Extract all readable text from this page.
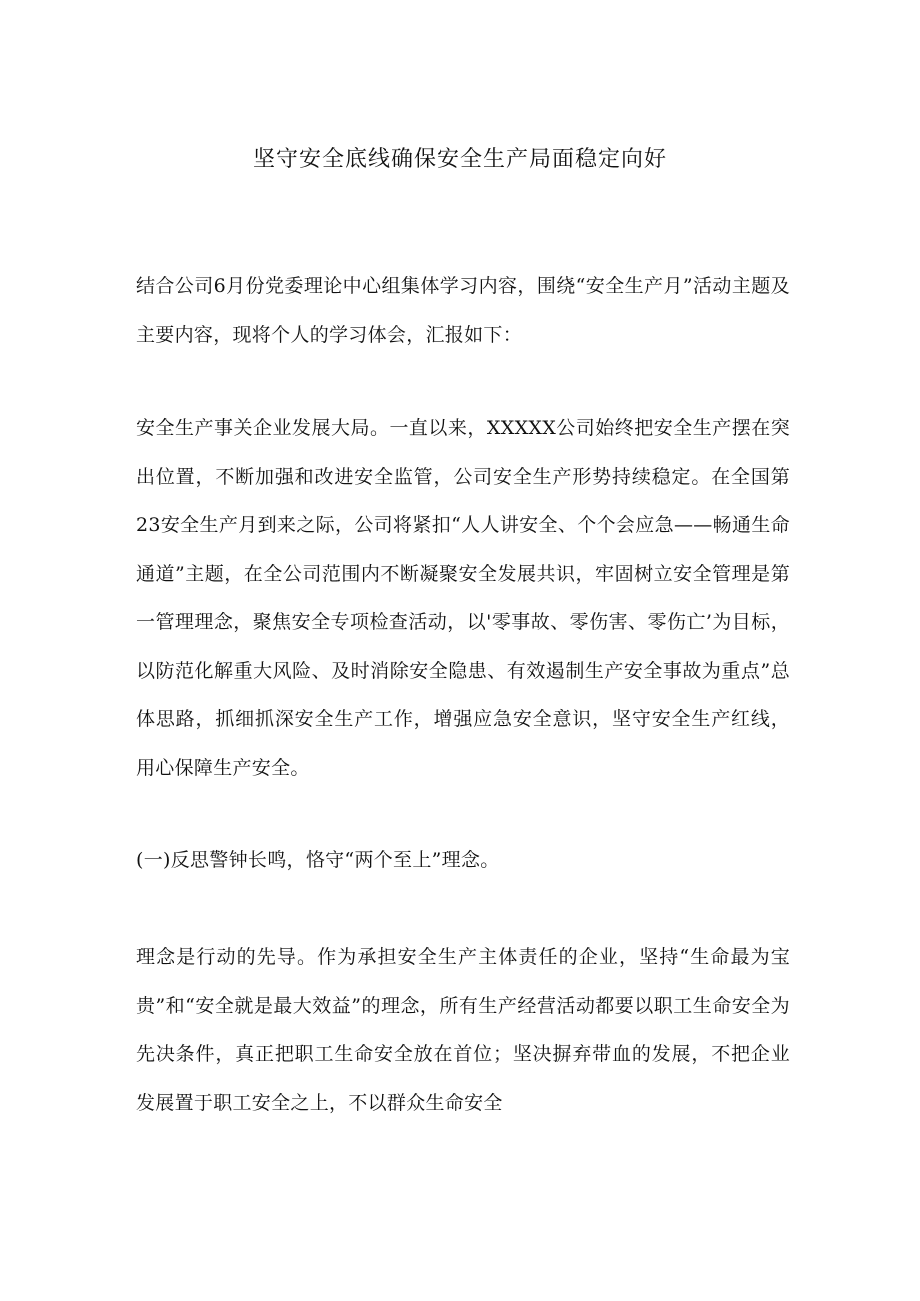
坚守安全底线确保安全生产局面稳定向好

结合公司6月份党委理论中心组集体学习内容，围绕“安全生产月”活动主题及主要内容，现将个人的学习体会，汇报如下：

安全生产事关企业发展大局。一直以来，XXXXX公司始终把安全生产摆在突出位置，不断加强和改进安全监管，公司安全生产形势持续稳定。在全国第23安全生产月到来之际，公司将紧扣“人人讲安全、个个会应急——畅通生命通道”主题，在全公司范围内不断凝聚安全发展共识，牢固树立安全管理是第一管理理念，聚焦安全专项检查活动，以'零事故、零伤害、零伤亡’为目标，以防范化解重大风险、及时消除安全隐患、有效遏制生产安全事故为重点”总体思路，抓细抓深安全生产工作，增强应急安全意识，坚守安全生产红线，用心保障生产安全。

(一)反思警钟长鸣，恪守“两个至上”理念。

理念是行动的先导。作为承担安全生产主体责任的企业，坚持“生命最为宝贵”和“安全就是最大效益”的理念，所有生产经营活动都要以职工生命安全为先决条件，真正把职工生命安全放在首位；坚决摒弃带血的发展，不把企业发展置于职工安全之上，不以群众生命安全
